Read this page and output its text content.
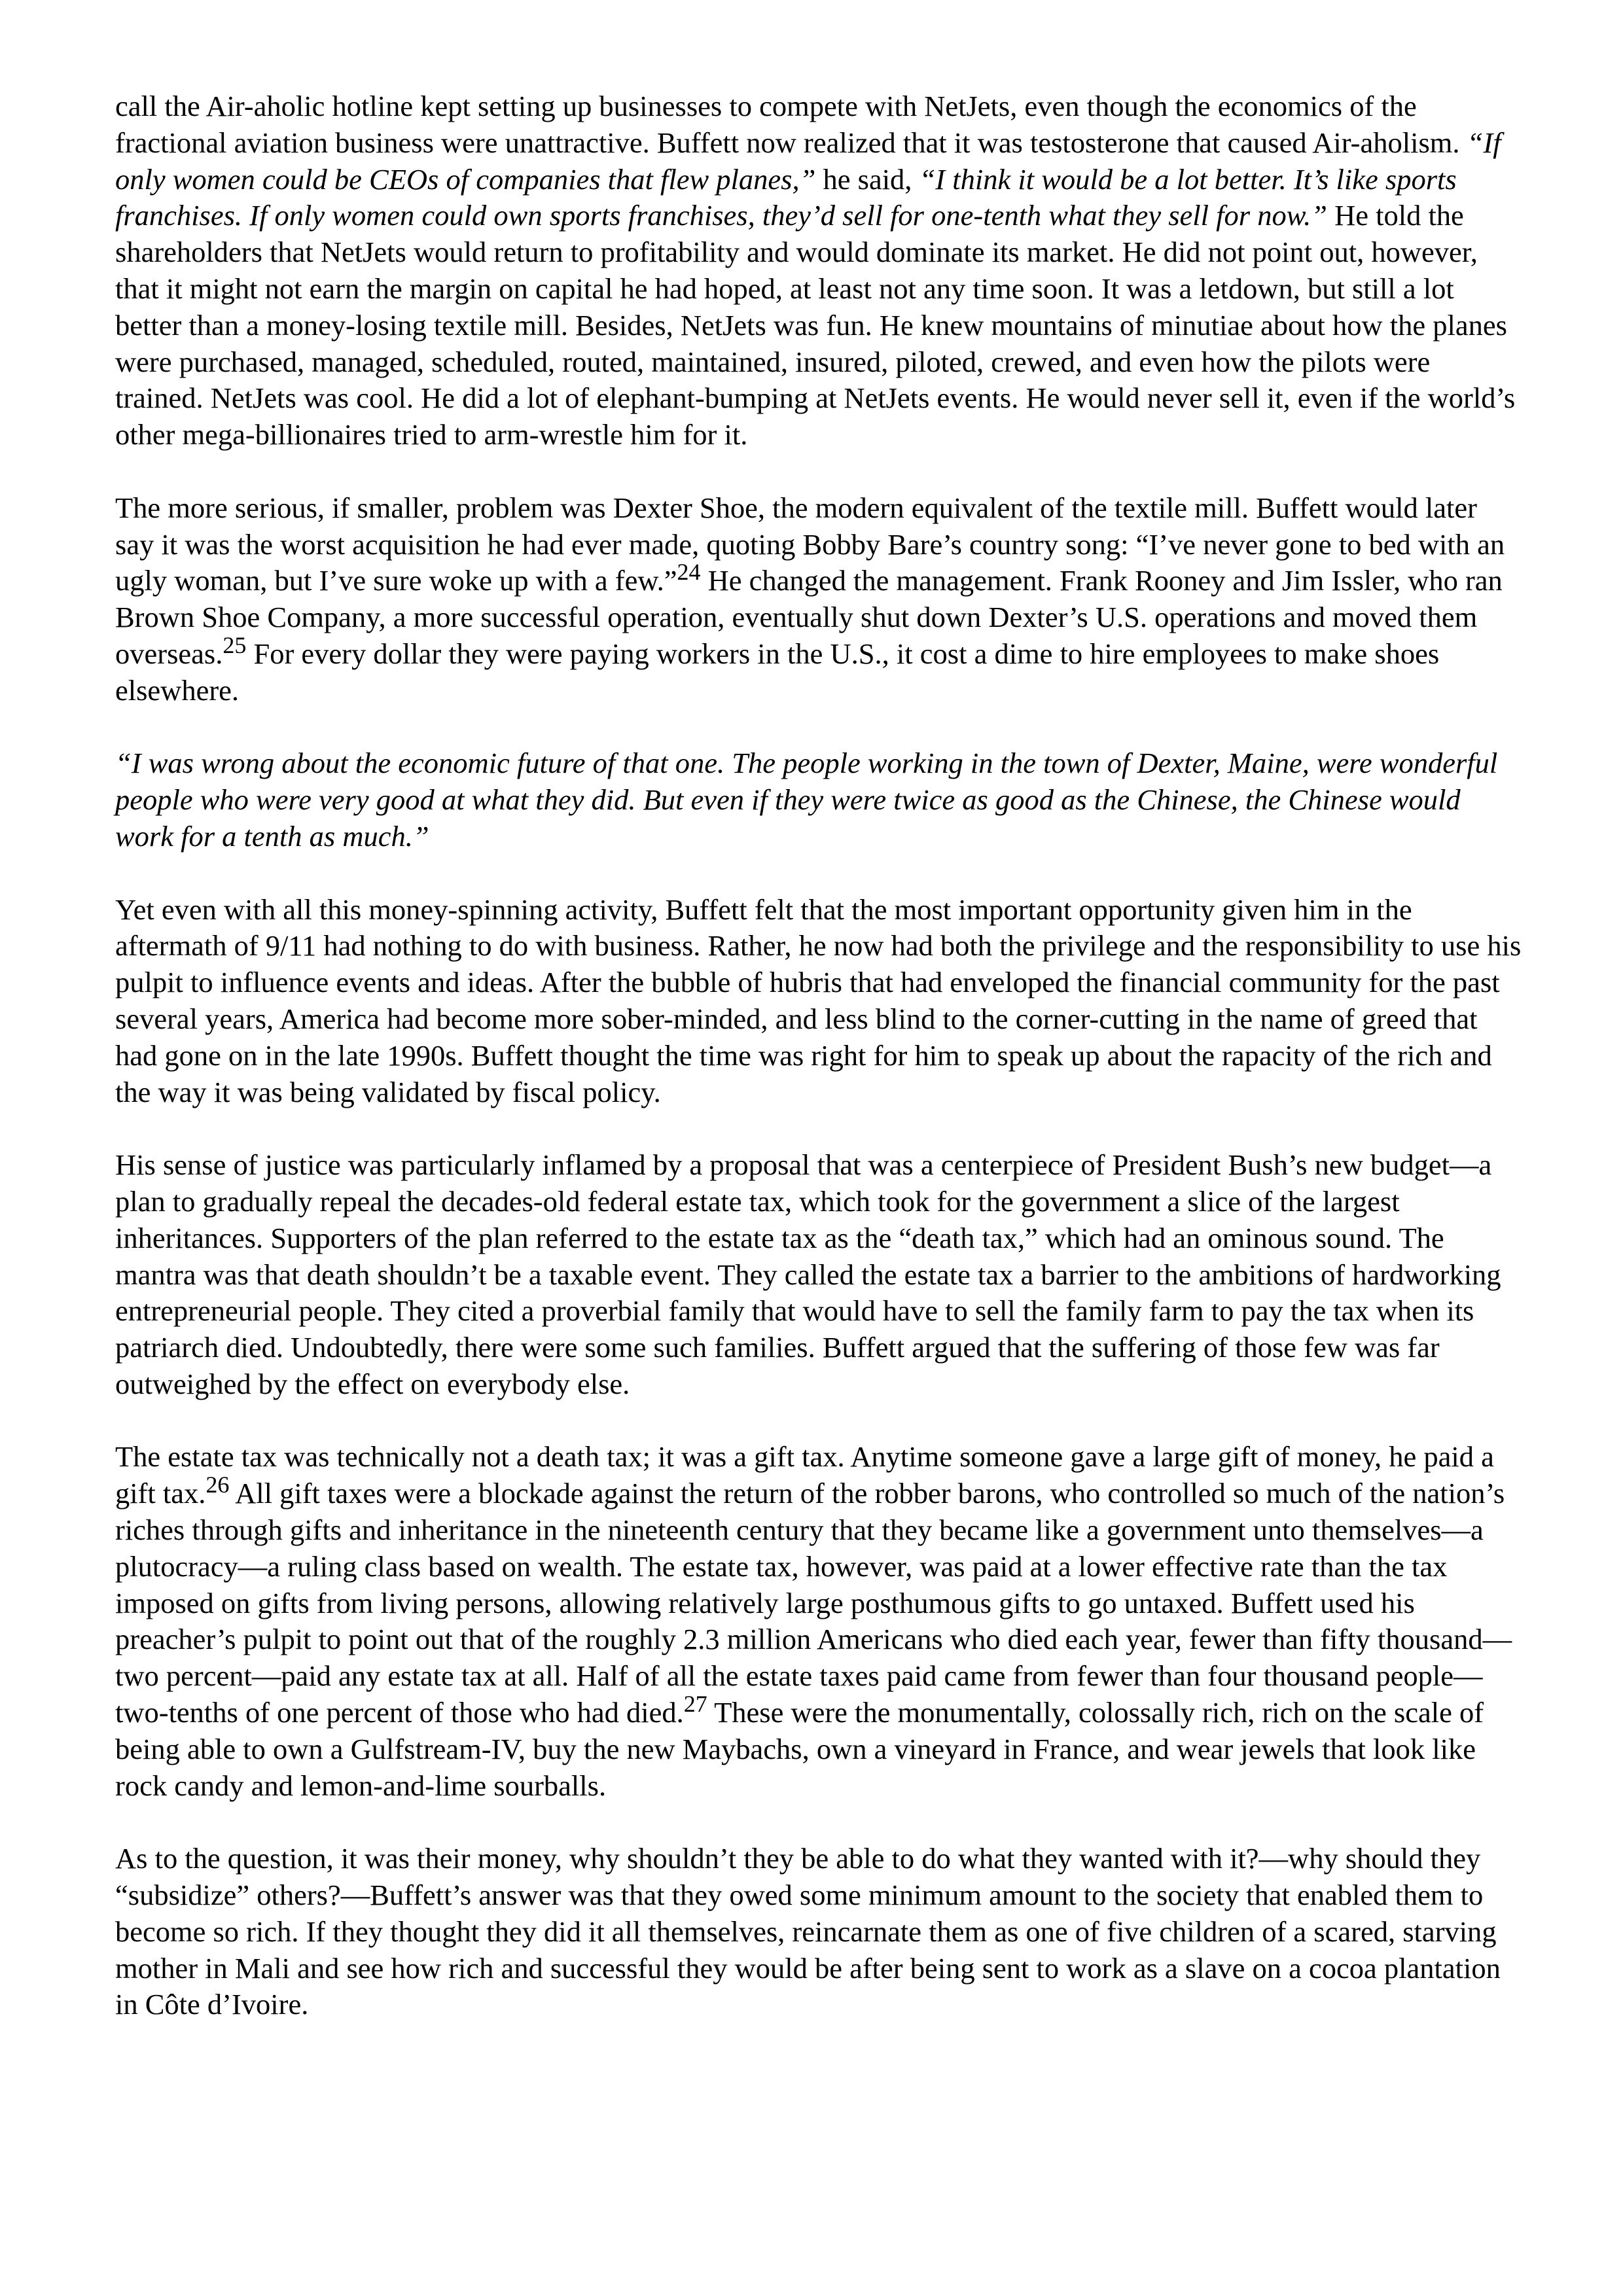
call the Air-aholic hotline kept setting up businesses to compete with NetJets, even though the economics of the fractional aviation business were unattractive. Buffett now realized that it was testosterone that caused Air-aholism. “If only women could be CEOs of companies that flew planes,” he said, “I think it would be a lot better. It’s like sports franchises. If only women could own sports franchises, they’d sell for one-tenth what they sell for now.” He told the shareholders that NetJets would return to profitability and would dominate its market. He did not point out, however, that it might not earn the margin on capital he had hoped, at least not any time soon. It was a letdown, but still a lot better than a money-losing textile mill. Besides, NetJets was fun. He knew mountains of minutiae about how the planes were purchased, managed, scheduled, routed, maintained, insured, piloted, crewed, and even how the pilots were trained. NetJets was cool. He did a lot of elephant-bumping at NetJets events. He would never sell it, even if the world’s other mega-billionaires tried to arm-wrestle him for it.

The more serious, if smaller, problem was Dexter Shoe, the modern equivalent of the textile mill. Buffett would later say it was the worst acquisition he had ever made, quoting Bobby Bare’s country song: “I’ve never gone to bed with an ugly woman, but I’ve sure woke up with a few.”$^{24}$ He changed the management. Frank Rooney and Jim Issler, who ran Brown Shoe Company, a more successful operation, eventually shut down Dexter’s U.S. operations and moved them overseas.$^{25}$ For every dollar they were paying workers in the U.S., it cost a dime to hire employees to make shoes elsewhere.

“I was wrong about the economic future of that one. The people working in the town of Dexter, Maine, were wonderful people who were very good at what they did. But even if they were twice as good as the Chinese, the Chinese would work for a tenth as much.”

Yet even with all this money-spinning activity, Buffett felt that the most important opportunity given him in the aftermath of 9/11 had nothing to do with business. Rather, he now had both the privilege and the responsibility to use his pulpit to influence events and ideas. After the bubble of hubris that had enveloped the financial community for the past several years, America had become more sober-minded, and less blind to the corner-cutting in the name of greed that had gone on in the late 1990s. Buffett thought the time was right for him to speak up about the rapacity of the rich and the way it was being validated by fiscal policy.

His sense of justice was particularly inflamed by a proposal that was a centerpiece of President Bush’s new budget—a plan to gradually repeal the decades-old federal estate tax, which took for the government a slice of the largest inheritances. Supporters of the plan referred to the estate tax as the “death tax,” which had an ominous sound. The mantra was that death shouldn’t be a taxable event. They called the estate tax a barrier to the ambitions of hardworking entrepreneurial people. They cited a proverbial family that would have to sell the family farm to pay the tax when its patriarch died. Undoubtedly, there were some such families. Buffett argued that the suffering of those few was far outweighed by the effect on everybody else.

The estate tax was technically not a death tax; it was a gift tax. Anytime someone gave a large gift of money, he paid a gift tax.$^{26}$ All gift taxes were a blockade against the return of the robber barons, who controlled so much of the nation’s riches through gifts and inheritance in the nineteenth century that they became like a government unto themselves—a plutocracy—a ruling class based on wealth. The estate tax, however, was paid at a lower effective rate than the tax imposed on gifts from living persons, allowing relatively large posthumous gifts to go untaxed. Buffett used his preacher’s pulpit to point out that of the roughly 2.3 million Americans who died each year, fewer than fifty thousand—two percent—paid any estate tax at all. Half of all the estate taxes paid came from fewer than four thousand people—two-tenths of one percent of those who had died.$^{27}$ These were the monumentally, colossally rich, rich on the scale of being able to own a Gulfstream-IV, buy the new Maybachs, own a vineyard in France, and wear jewels that look like rock candy and lemon-and-lime sourballs.

As to the question, it was their money, why shouldn’t they be able to do what they wanted with it?—why should they “subsidize” others?—Buffett’s answer was that they owed some minimum amount to the society that enabled them to become so rich. If they thought they did it all themselves, reincarnate them as one of five children of a scared, starving mother in Mali and see how rich and successful they would be after being sent to work as a slave on a cocoa plantation in Côte d’Ivoire.
